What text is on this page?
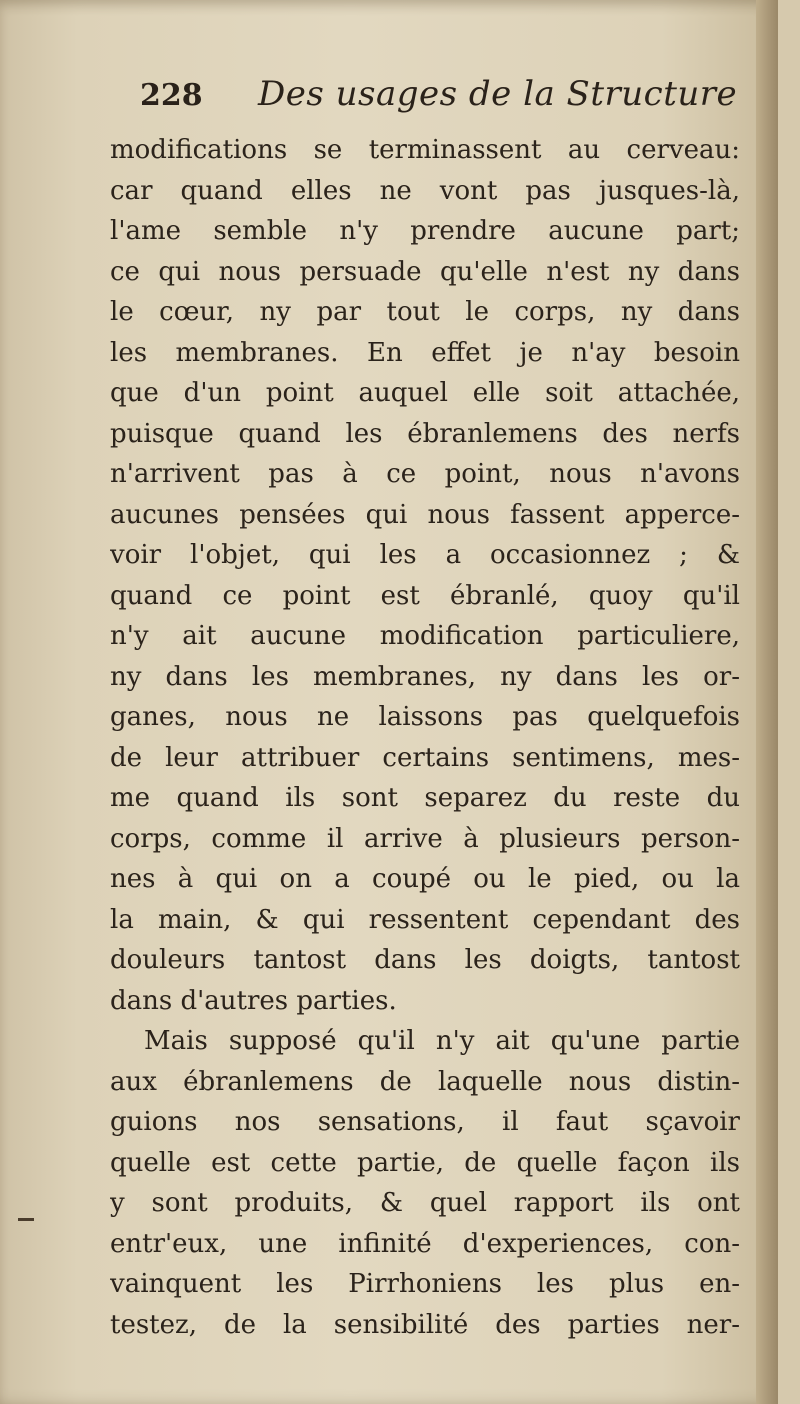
228 Des usages de la Structure
modifications se terminassent au cerveau:
car quand elles ne vont pas jusques-là,
l'ame semble n'y prendre aucune part;
ce qui nous persuade qu'elle n'est ny dans
le cœur, ny par tout le corps, ny dans
les membranes. En effet je n'ay besoin
que d'un point auquel elle soit attachée,
puisque quand les ébranlemens des nerfs
n'arrivent pas à ce point, nous n'avons
aucunes pensées qui nous fassent apperce-
voir l'objet, qui les a occasionnez ; &
quand ce point est ébranlé, quoy qu'il
n'y ait aucune modification particuliere,
ny dans les membranes, ny dans les or-
ganes, nous ne laissons pas quelquefois
de leur attribuer certains sentimens, mes-
me quand ils sont separez du reste du
corps, comme il arrive à plusieurs person-
nes à qui on a coupé ou le pied, ou la
la main, & qui ressentent cependant des
douleurs tantost dans les doigts, tantost
dans d'autres parties.
Mais supposé qu'il n'y ait qu'une partie
aux ébranlemens de laquelle nous distin-
guions nos sensations, il faut sçavoir
quelle est cette partie, de quelle façon ils
y sont produits, & quel rapport ils ont
entr'eux, une infinité d'experiences, con-
vainquent les Pirrhoniens les plus en-
testez, de la sensibilité des parties ner-
